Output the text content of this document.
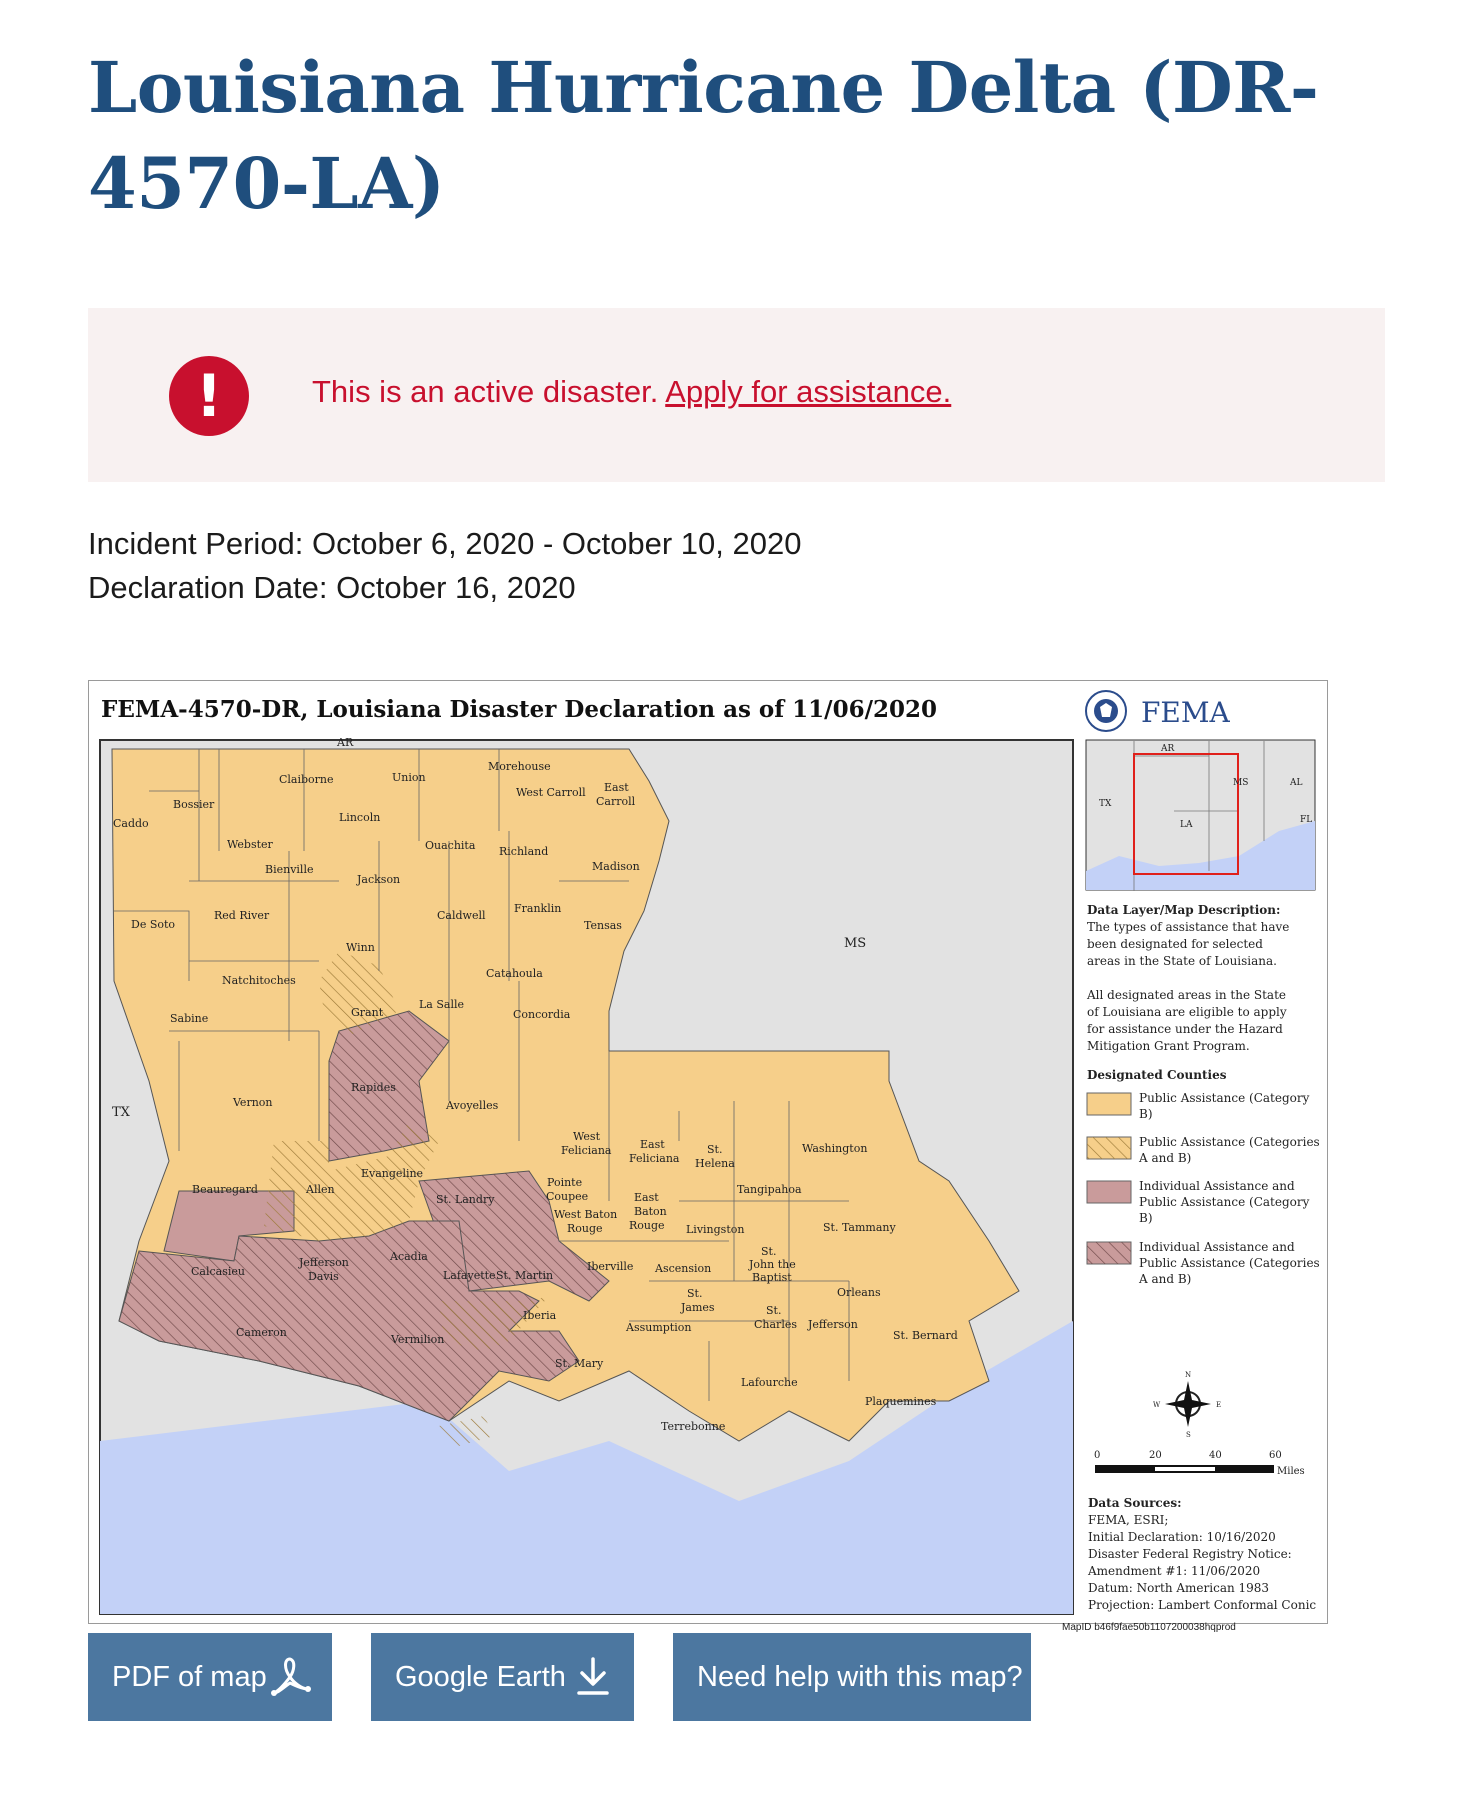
Louisiana Hurricane Delta (DR-4570-LA)
!	This is an active disaster. Apply for assistance.
Incident Period: October 6, 2020 - October 10, 2020
Declaration Date: October 16, 2020
FEMA-4570-DR, Louisiana Disaster Declaration as of 11/06/2020
AR
TX
MS
Caddo
Bossier
Webster
Claiborne	Union
Morehouse
West Carroll East
Carroll
Lincoln
Bienville
Ouachita Richland
Madison
Jackson
De Soto
Red River	Caldwell
Franklin
Tensas
Winn
Natchitoches
Catahoula
Grant
La Salle
Sabine	Concordia
Rapides
Vernon	Avoyelles
Beauregard	Allen
Evangeline
St. Landry
West
Feliciana	East
Feliciana
St.
Helena
Washington
Tangipahoa
Pointe
Coupee	East
Baton
Rouge
West Baton
Rouge	Livingston	St. Tammany
Calcasieu
Jefferson
Davis
Acadia
Lafayette St. Martin
Iberville Ascension
St.
John the
Baptist
Orleans
St.
James	St.
Charles Jefferson
St. Bernard
Iberia
Assumption
Cameron
Vermilion
St. Mary
Lafourche
Plaquemines
Terrebonne
FEMA
AR
TX
LA
MS	AL
FL
Data Layer/Map Description:
The types of assistance that have
been designated for selected
areas in the State of Louisiana.
All designated areas in the State
of Louisiana are eligible to apply
for assistance under the Hazard
Mitigation Grant Program.
Designated Counties
Public Assistance (Category
B)
Public Assistance (Categories
A and B)
Individual Assistance and
Public Assistance (Category
B)
Individual Assistance and
Public Assistance (Categories
A and B)
N
S
E
W
0	20	40	60
Miles
Data Sources:
FEMA, ESRI;
Initial Declaration: 10/16/2020
Disaster Federal Registry Notice:
Amendment #1: 11/06/2020
Datum: North American 1983
Projection: Lambert Conformal Conic
MapID b46f9fae50b1107200038hqprod
PDF of map	Google Earth	Need help with this map?
